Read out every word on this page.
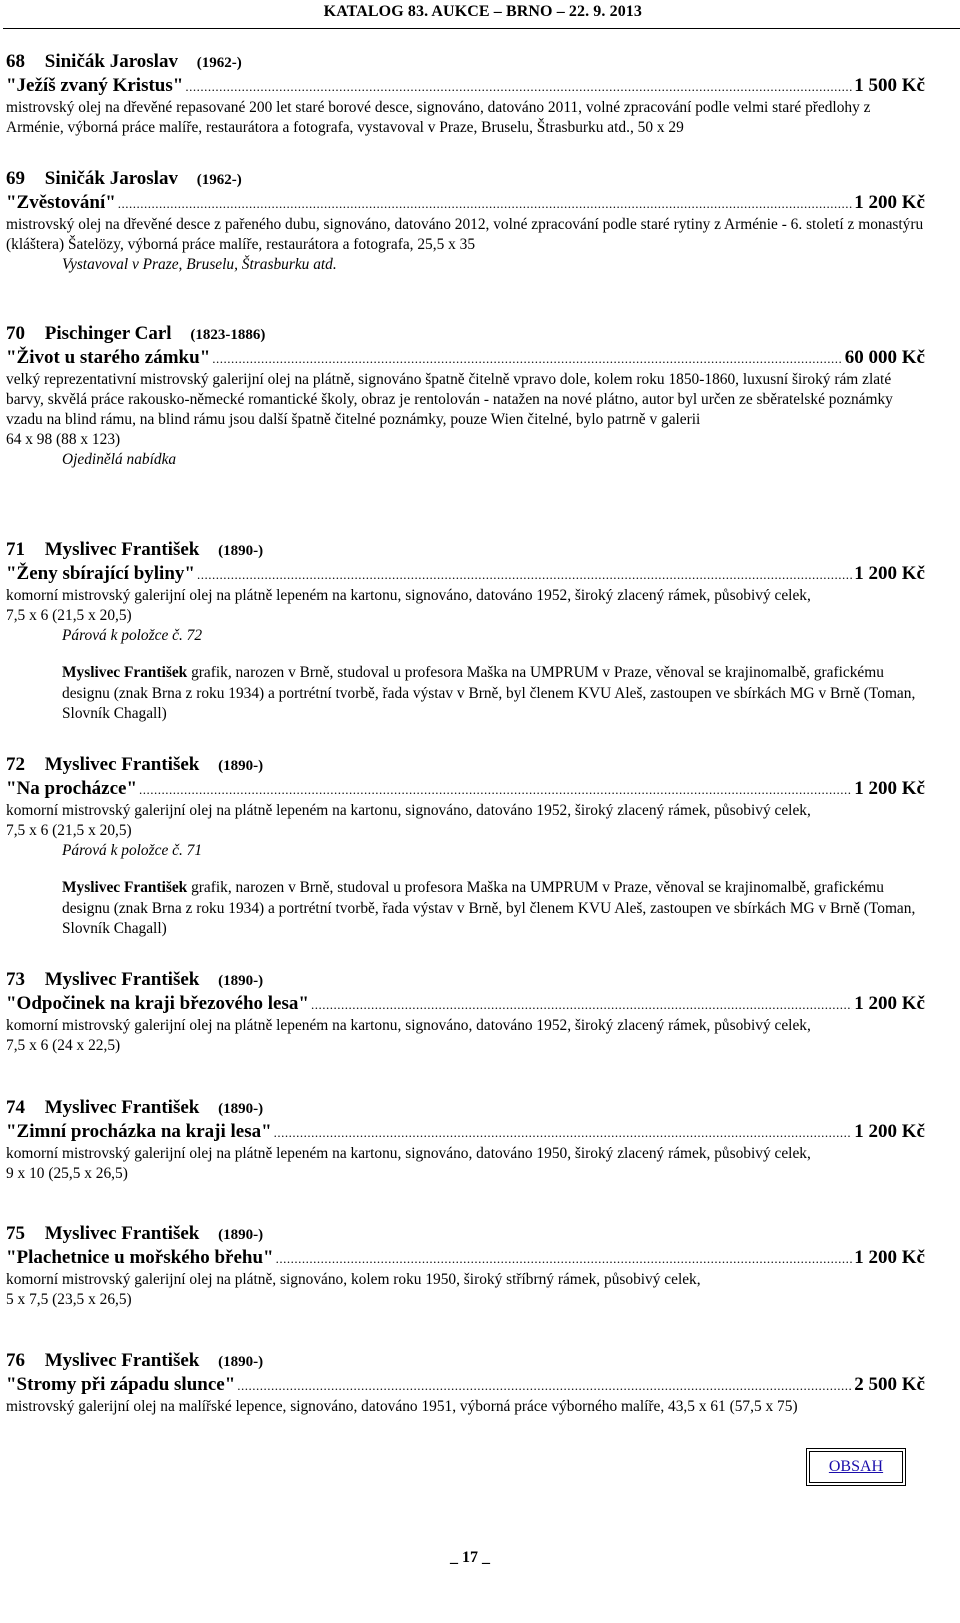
KATALOG 83. AUKCE – BRNO – 22. 9. 2013
68 Siničák Jaroslav (1962-)
"Ježíš zvaný Kristus" .....	1 500 Kč
mistrovský olej na dřevěné repasované 200 let staré borové desce, signováno, datováno 2011, volné zpracování podle velmi staré předlohy z Arménie, výborná práce malíře, restaurátora a fotografa, vystavoval v Praze, Bruselu, Štrasburku atd., 50 x 29
69 Siničák Jaroslav (1962-)
"Zvěstování" .....	1 200 Kč
mistrovský olej na dřevěné desce z pařeného dubu, signováno, datováno 2012, volné zpracování podle staré rytiny z Arménie - 6. století z monastýru (kláštera) Šatelözy, výborná práce malíře, restaurátora a fotografa, 25,5 x 35
Vystavoval v Praze, Bruselu, Štrasburku atd.
70 Pischinger Carl (1823-1886)
"Život u starého zámku" .....	60 000 Kč
velký reprezentativní mistrovský galerijní olej na plátně, signováno špatně čitelně vpravo dole, kolem roku 1850-1860, luxusní široký rám zlaté barvy, skvělá práce rakousko-německé romantické školy, obraz je rentolován - natažen na nové plátno, autor byl určen ze sběratelské poznámky vzadu na blind rámu, na blind rámu jsou další špatně čitelné poznámky, pouze Wien čitelné, bylo patrně v galerii
64 x 98 (88 x 123)
Ojedinělá nabídka
71 Myslivec František (1890-)
"Ženy sbírající byliny" .....	1 200 Kč
komorní mistrovský galerijní olej na plátně lepeném na kartonu, signováno, datováno 1952, široký zlacený rámek, působivý celek,
7,5 x 6 (21,5 x 20,5)
Párová k položce č. 72
Myslivec František grafik, narozen v Brně, studoval u profesora Maška na UMPRUM v Praze, věnoval se krajinomalbě, grafickému designu (znak Brna z roku 1934) a portrétní tvorbě, řada výstav v Brně, byl členem KVU Aleš, zastoupen ve sbírkách MG v Brně (Toman, Slovník Chagall)
72 Myslivec František (1890-)
"Na procházce" .....	1 200 Kč
komorní mistrovský galerijní olej na plátně lepeném na kartonu, signováno, datováno 1952, široký zlacený rámek, působivý celek,
7,5 x 6 (21,5 x 20,5)
Párová k položce č. 71
Myslivec František grafik, narozen v Brně, studoval u profesora Maška na UMPRUM v Praze, věnoval se krajinomalbě, grafickému designu (znak Brna z roku 1934) a portrétní tvorbě, řada výstav v Brně, byl členem KVU Aleš, zastoupen ve sbírkách MG v Brně (Toman, Slovník Chagall)
73 Myslivec František (1890-)
"Odpočinek na kraji březového lesa" .....	1 200 Kč
komorní mistrovský galerijní olej na plátně lepeném na kartonu, signováno, datováno 1952, široký zlacený rámek, působivý celek,
7,5 x 6 (24 x 22,5)
74 Myslivec František (1890-)
"Zimní procházka na kraji lesa" .....	1 200 Kč
komorní mistrovský galerijní olej na plátně lepeném na kartonu, signováno, datováno 1950, široký zlacený rámek, působivý celek,
9 x 10 (25,5 x 26,5)
75 Myslivec František (1890-)
"Plachetnice u mořského břehu" .....	1 200 Kč
komorní mistrovský galerijní olej na plátně, signováno, kolem roku 1950, široký stříbrný rámek, působivý celek,
5 x 7,5 (23,5 x 26,5)
76 Myslivec František (1890-)
"Stromy při západu slunce" .....	2 500 Kč
mistrovský galerijní olej na malířské lepence, signováno, datováno 1951, výborná práce výborného malíře, 43,5 x 61 (57,5 x 75)
OBSAH
_ 17 _
